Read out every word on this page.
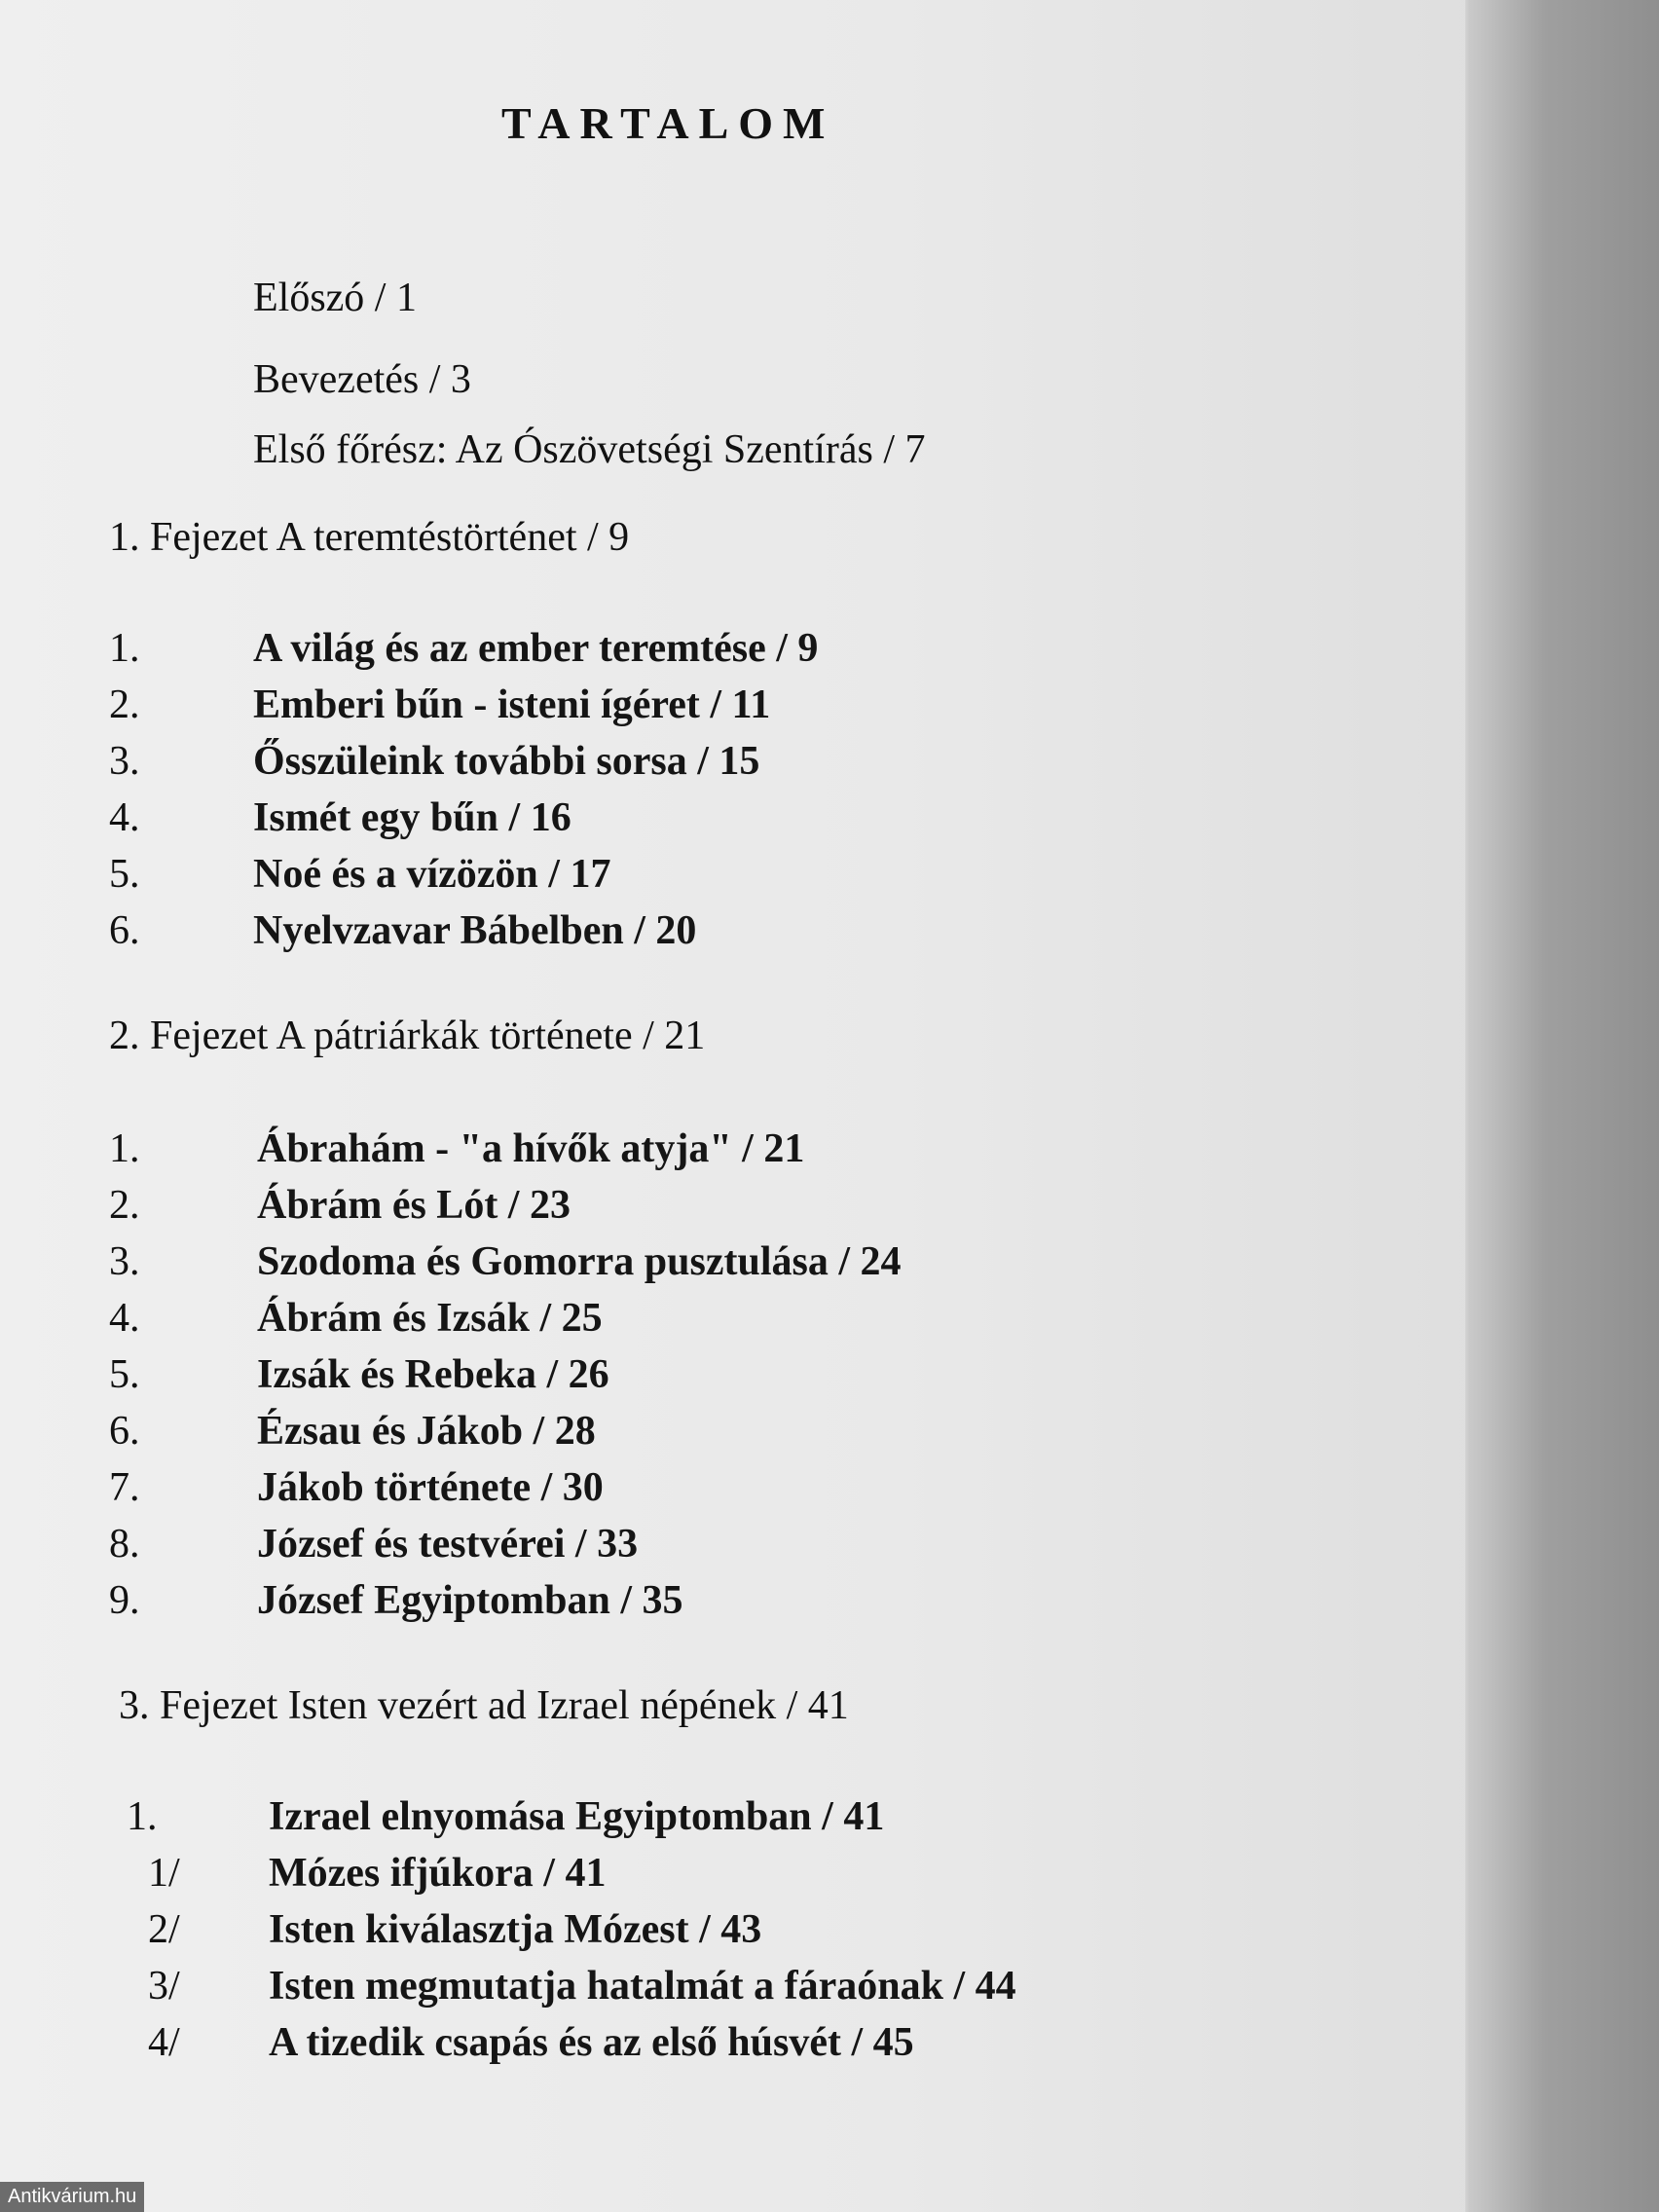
TARTALOM
Előszó / 1
Bevezetés / 3
Első főrész: Az Ószövetségi Szentírás / 7
1. Fejezet A teremtéstörténet / 9
1.	A világ és az ember teremtése / 9
2.	Emberi bűn - isteni ígéret / 11
3.	Ősszüleink további sorsa / 15
4.	Ismét egy bűn / 16
5.	Noé és a vízözön / 17
6.	Nyelvzavar Bábelben / 20
2. Fejezet A pátriárkák története / 21
1.	Ábrahám - "a hívők atyja" / 21
2.	Ábrám és Lót / 23
3.	Szodoma és Gomorra pusztulása / 24
4.	Ábrám és Izsák / 25
5.	Izsák és Rebeka / 26
6.	Ézsau és Jákob / 28
7.	Jákob története / 30
8.	József és testvérei / 33
9.	József Egyiptomban / 35
3. Fejezet Isten vezért ad Izrael népének / 41
1.	Izrael elnyomása Egyiptomban / 41
1/ Mózes ifjúkora / 41
2/ Isten kiválasztja Mózest / 43
3/ Isten megmutatja hatalmát a fáraónak / 44
4/ A tizedik csapás és az első húsvét / 45
Antikvárium.hu
